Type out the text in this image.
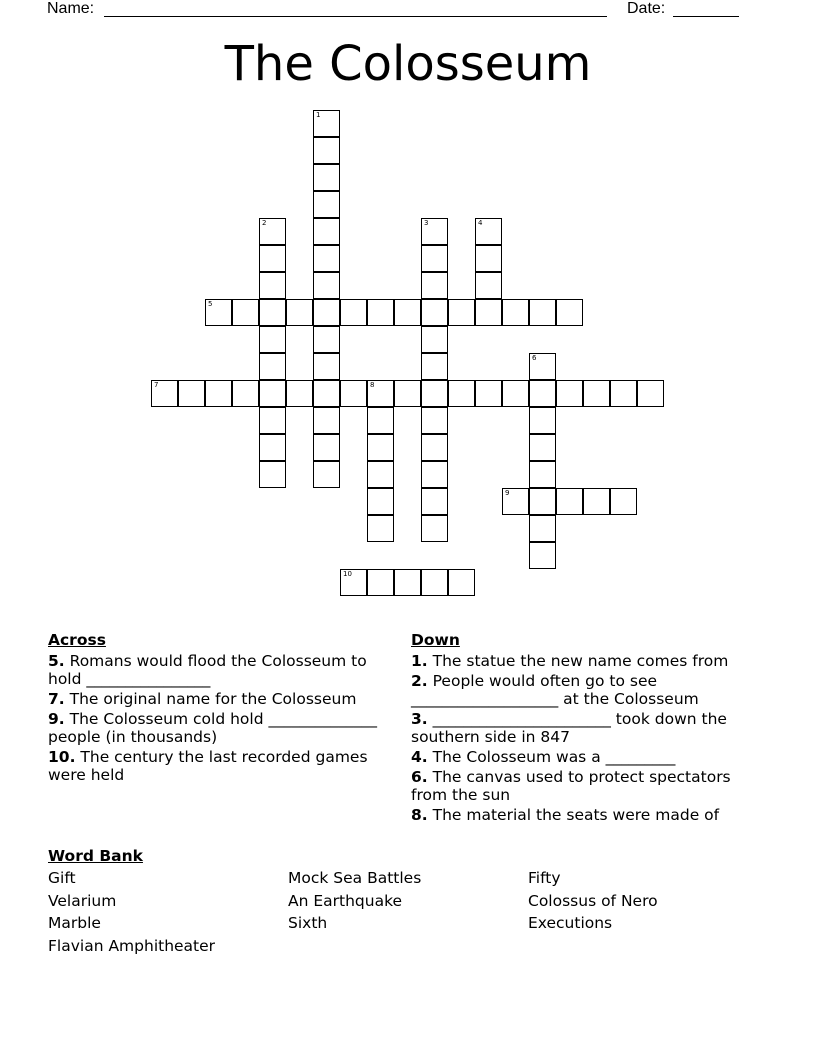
Name:	Date:
The Colosseum
1
2	3	4
5
6
7	8
9
10
Across
5. Romans would flood the Colosseum to hold ________________
7. The original name for the Colosseum
9. The Colosseum cold hold ______________ people (in thousands)
10. The century the last recorded games were held
Down
1. The statue the new name comes from
2. People would often go to see ___________________ at the Colosseum
3. _______________________ took down the southern side in 847
4. The Colosseum was a _________
6. The canvas used to protect spectators from the sun
8. The material the seats were made of
Word Bank
Gift	Mock Sea Battles	Fifty
Velarium	An Earthquake	Colossus of Nero
Marble	Sixth	Executions
Flavian Amphitheater
